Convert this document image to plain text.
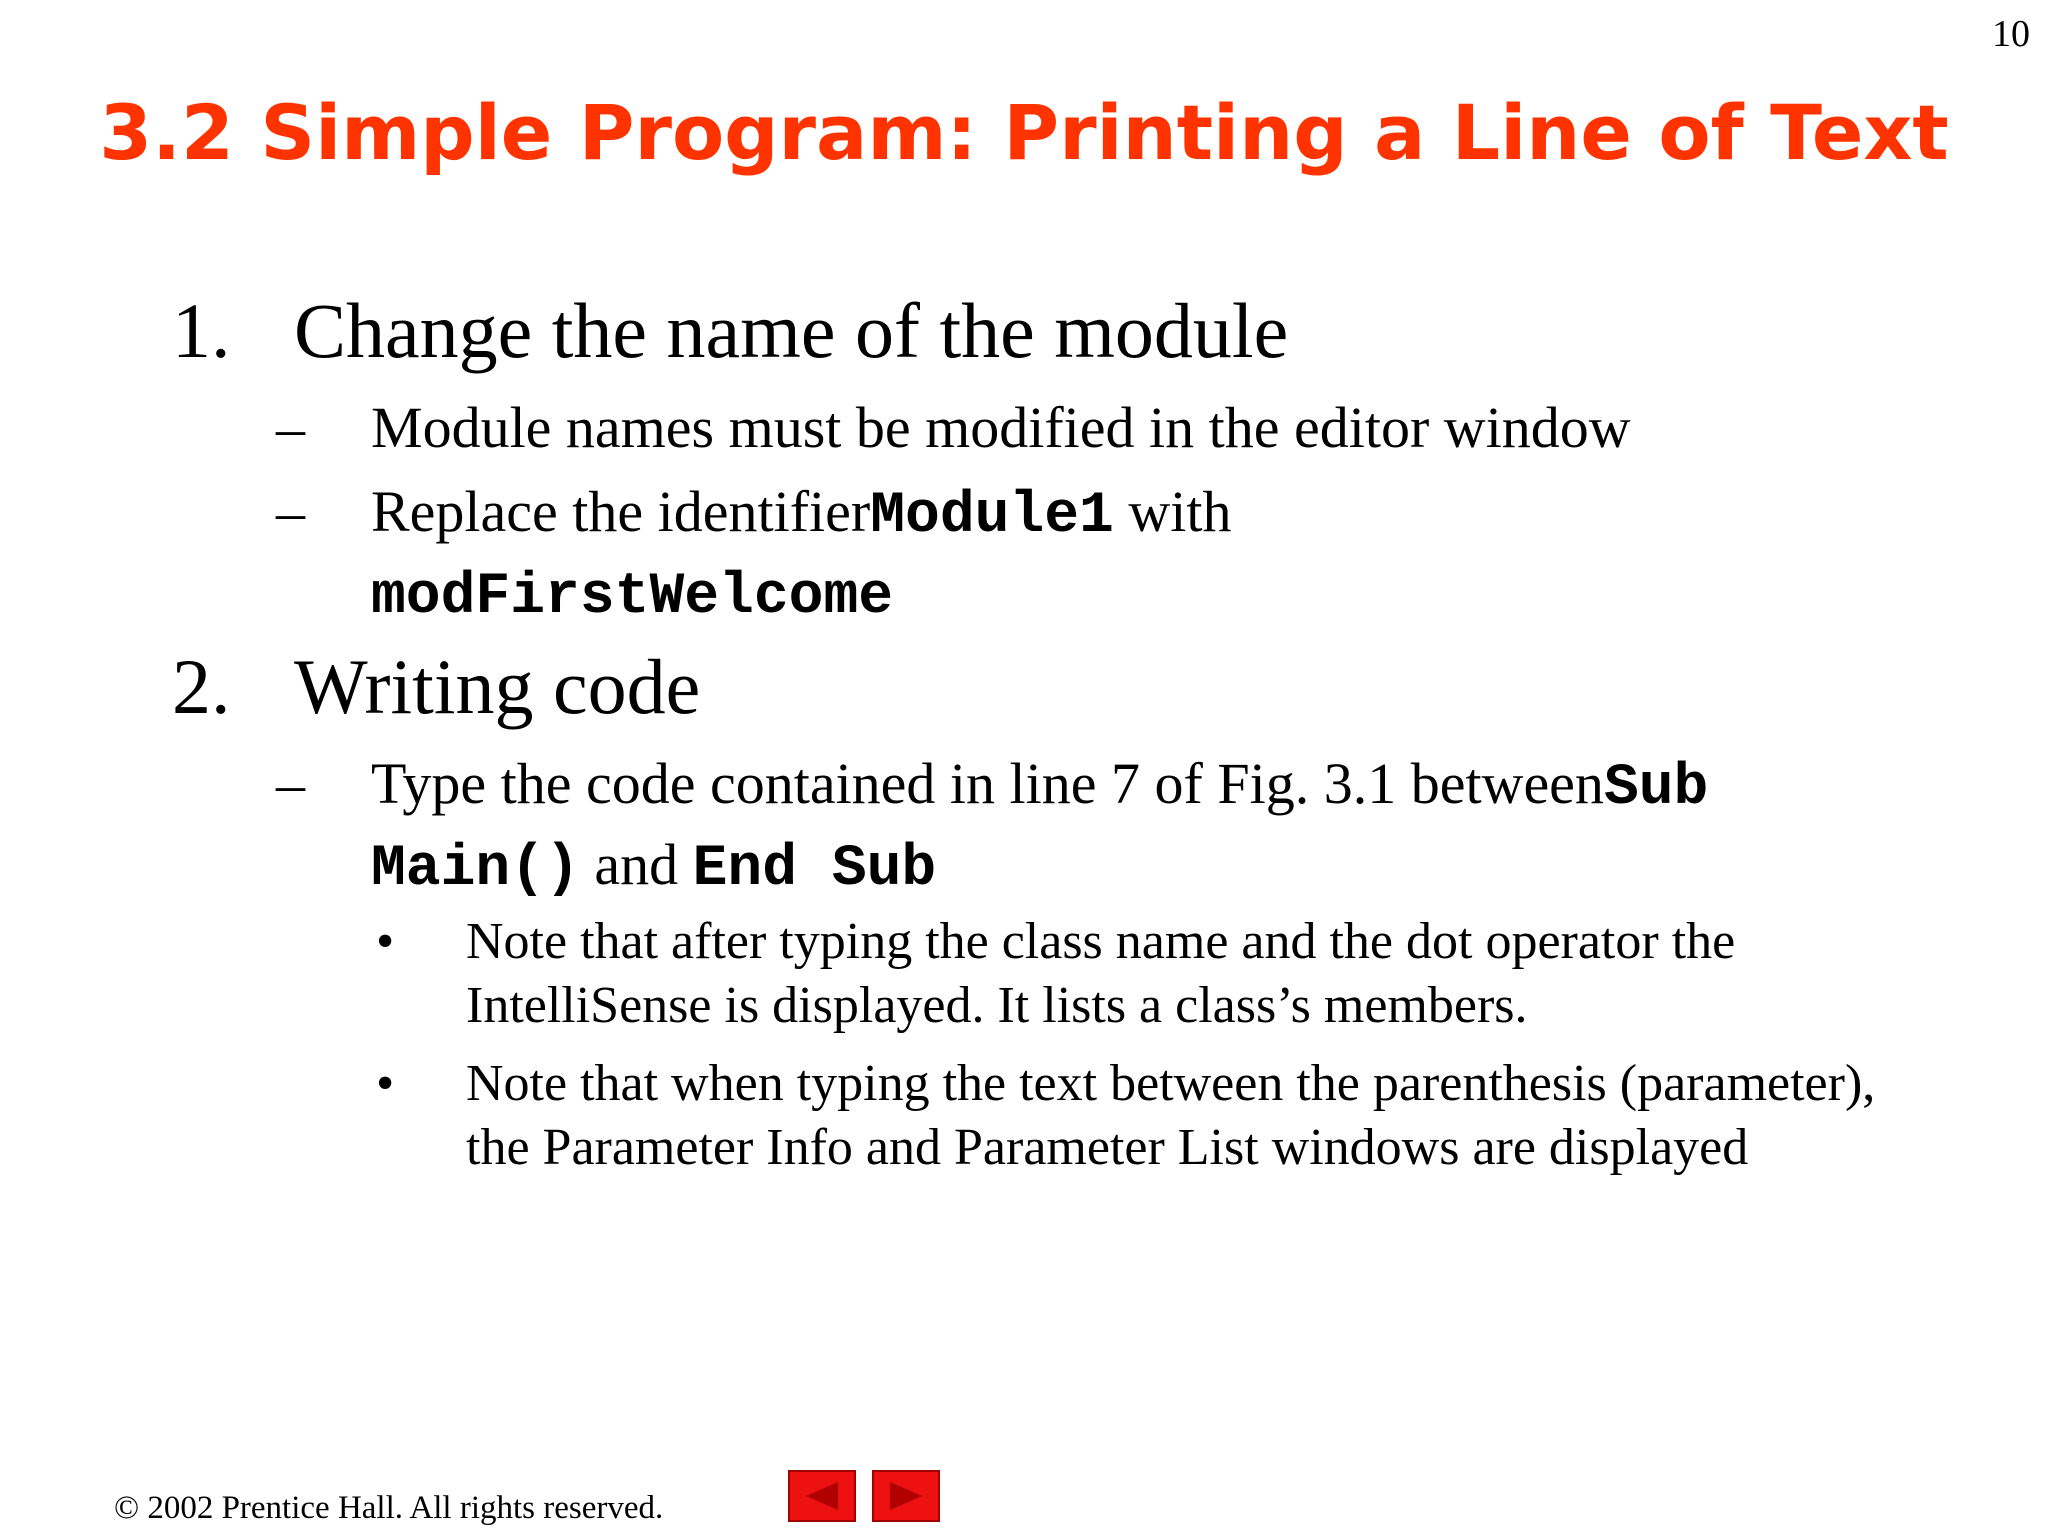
10
3.2 Simple Program: Printing a Line of Text
1. Change the name of the module
– Module names must be modified in the editor window
– Replace the identifierModule1 with
modFirstWelcome
2. Writing code
– Type the code contained in line 7 of Fig. 3.1 betweenSub Main() and End Sub
• Note that after typing the class name and the dot operator the IntelliSense is displayed. It lists a class’s members.
• Note that when typing the text between the parenthesis (parameter), the Parameter Info and Parameter List windows are displayed
© 2002 Prentice Hall. All rights reserved.
